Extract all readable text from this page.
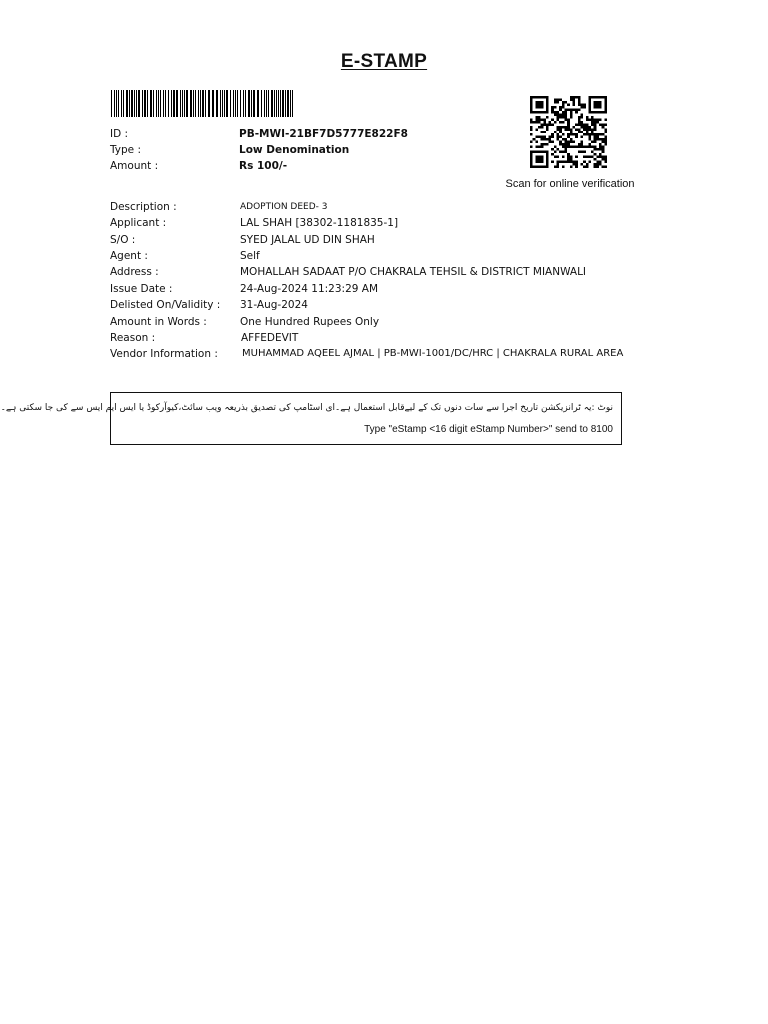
E-STAMP
Scan for online verification
ID :	PB-MWI-21BF7D5777E822F8
Type :	Low Denomination
Amount :	Rs 100/-
Description :	ADOPTION DEED- 3
Applicant :	LAL SHAH [38302-1181835-1]
S/O :	SYED JALAL UD DIN SHAH
Agent :	Self
Address :	MOHALLAH SADAAT P/O CHAKRALA TEHSIL & DISTRICT MIANWALI
Issue Date :	24-Aug-2024 11:23:29 AM
Delisted On/Validity : 31-Aug-2024
Amount in Words :	One Hundred Rupees Only
Reason :	AFFEDEVIT
Vendor Information : MUHAMMAD AQEEL AJMAL | PB-MWI-1001/DC/HRC | CHAKRALA RURAL AREA
نوٹ :یہ ٹرانزیکشن تاریخ اجرا سے سات دنوں تک کے لیےقابل استعمال ہے۔ای اسٹامپ کی تصدیق بذریعہ ویب سائٹ،کیوآرکوڈ یا ایس ایم ایس سے کی جا سکتی ہے۔
Type "eStamp <16 digit eStamp Number>" send to 8100
